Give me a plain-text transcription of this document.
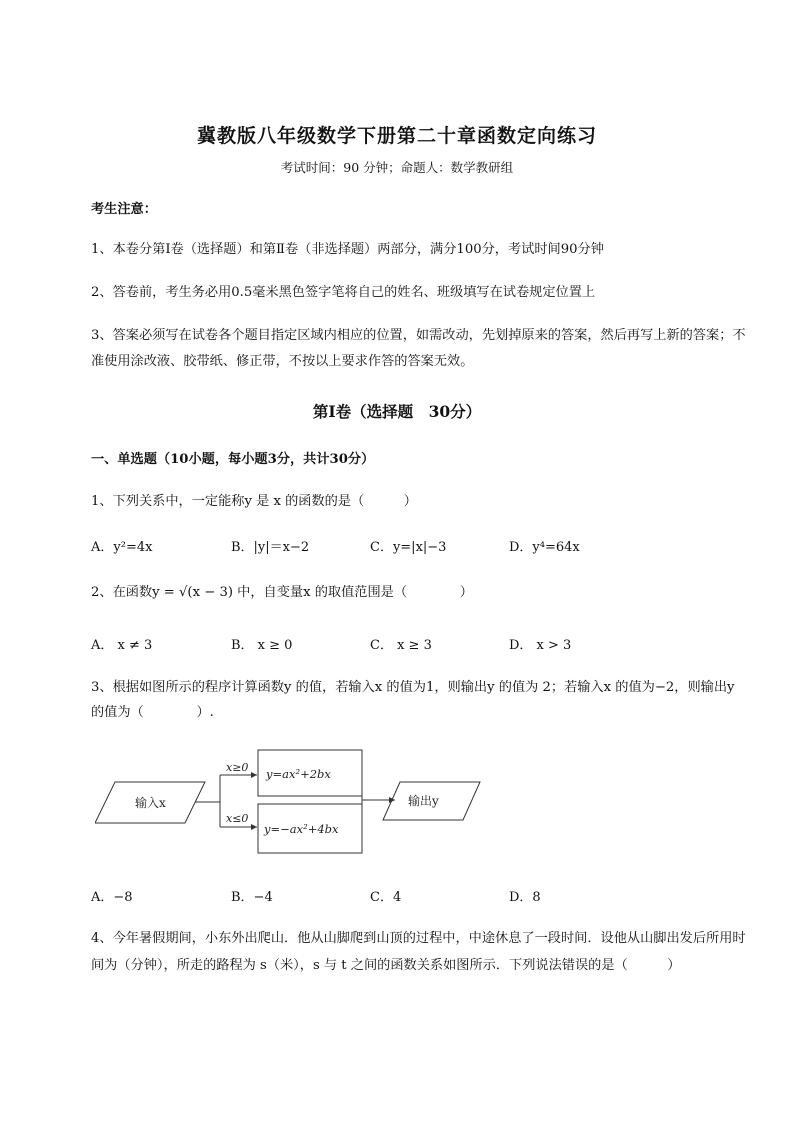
冀教版八年级数学下册第二十章函数定向练习
考试时间：90 分钟；命题人：数学教研组
考生注意：
1、本卷分第I卷（选择题）和第Ⅱ卷（非选择题）两部分，满分100分，考试时间90分钟
2、答卷前，考生务必用0.5毫米黑色签字笔将自己的姓名、班级填写在试卷规定位置上
3、答案必须写在试卷各个题目指定区域内相应的位置，如需改动，先划掉原来的答案，然后再写上新的答案；不准使用涂改液、胶带纸、修正带，不按以上要求作答的答案无效。
第I卷（选择题　30分）
一、单选题（10小题，每小题3分，共计30分）
1、下列关系中，一定能称y 是 x 的函数的是（　　　）
A．y²=4x	B．|y|＝x−2	C．y=|x|−3	D．y⁴=64x
2、在函数y = √(x − 3) 中，自变量x 的取值范围是（　　　　）
A． x ≠ 3	B． x ≥ 0	C． x ≥ 3	D． x > 3
3、根据如图所示的程序计算函数y 的值，若输入x 的值为1，则输出y 的值为 2；若输入x 的值为−2，则输出y 的值为（　　　　）.
输入x
x≥0
x≤0
y=ax²+2bx
y=−ax²+4bx
输出y
A．−8	B．−4	C．4	D．8
4、今年暑假期间，小东外出爬山．他从山脚爬到山顶的过程中，中途休息了一段时间．设他从山脚出发后所用时间为（分钟），所走的路程为 s（米），s 与 t 之间的函数关系如图所示．下列说法错误的是（　　　）
